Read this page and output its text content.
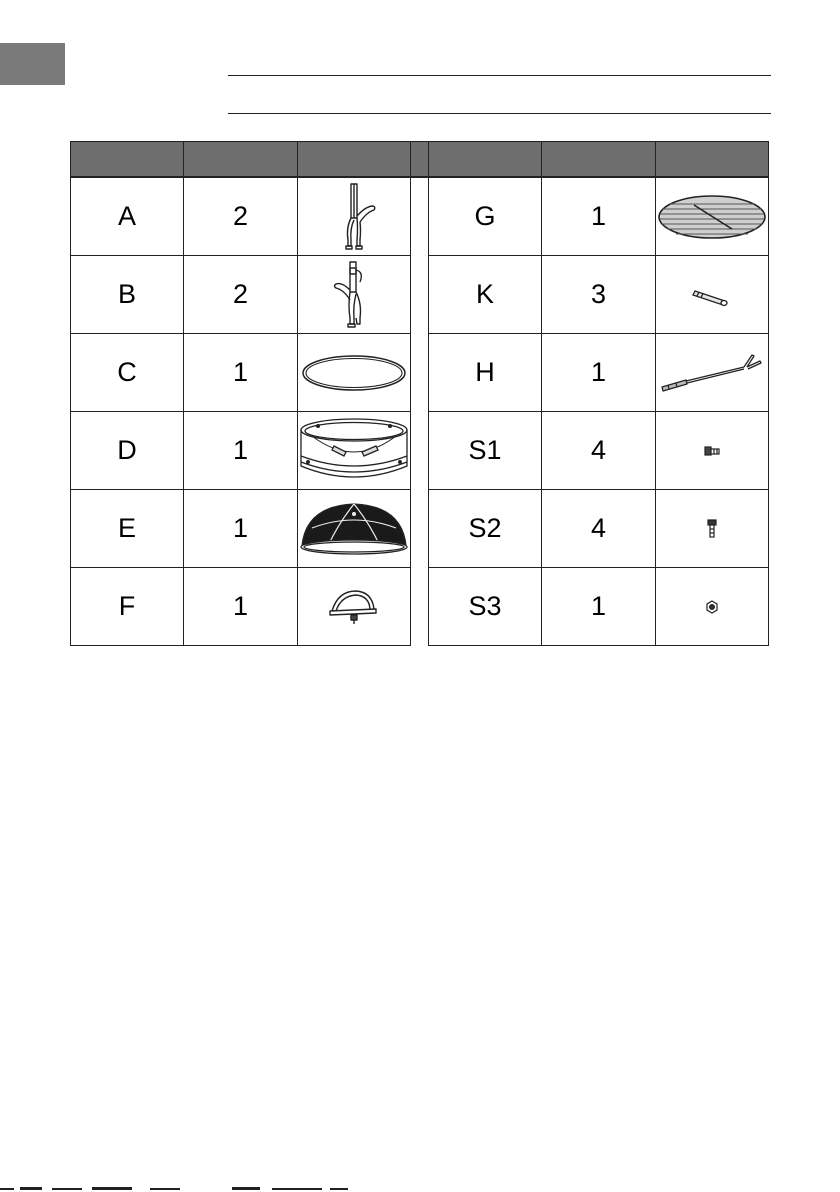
A	2			G	1	

B	2			K	3	

C	1			H	1	

D	1			S1	4	

E	1			S2	4	

F	1			S3	1	
